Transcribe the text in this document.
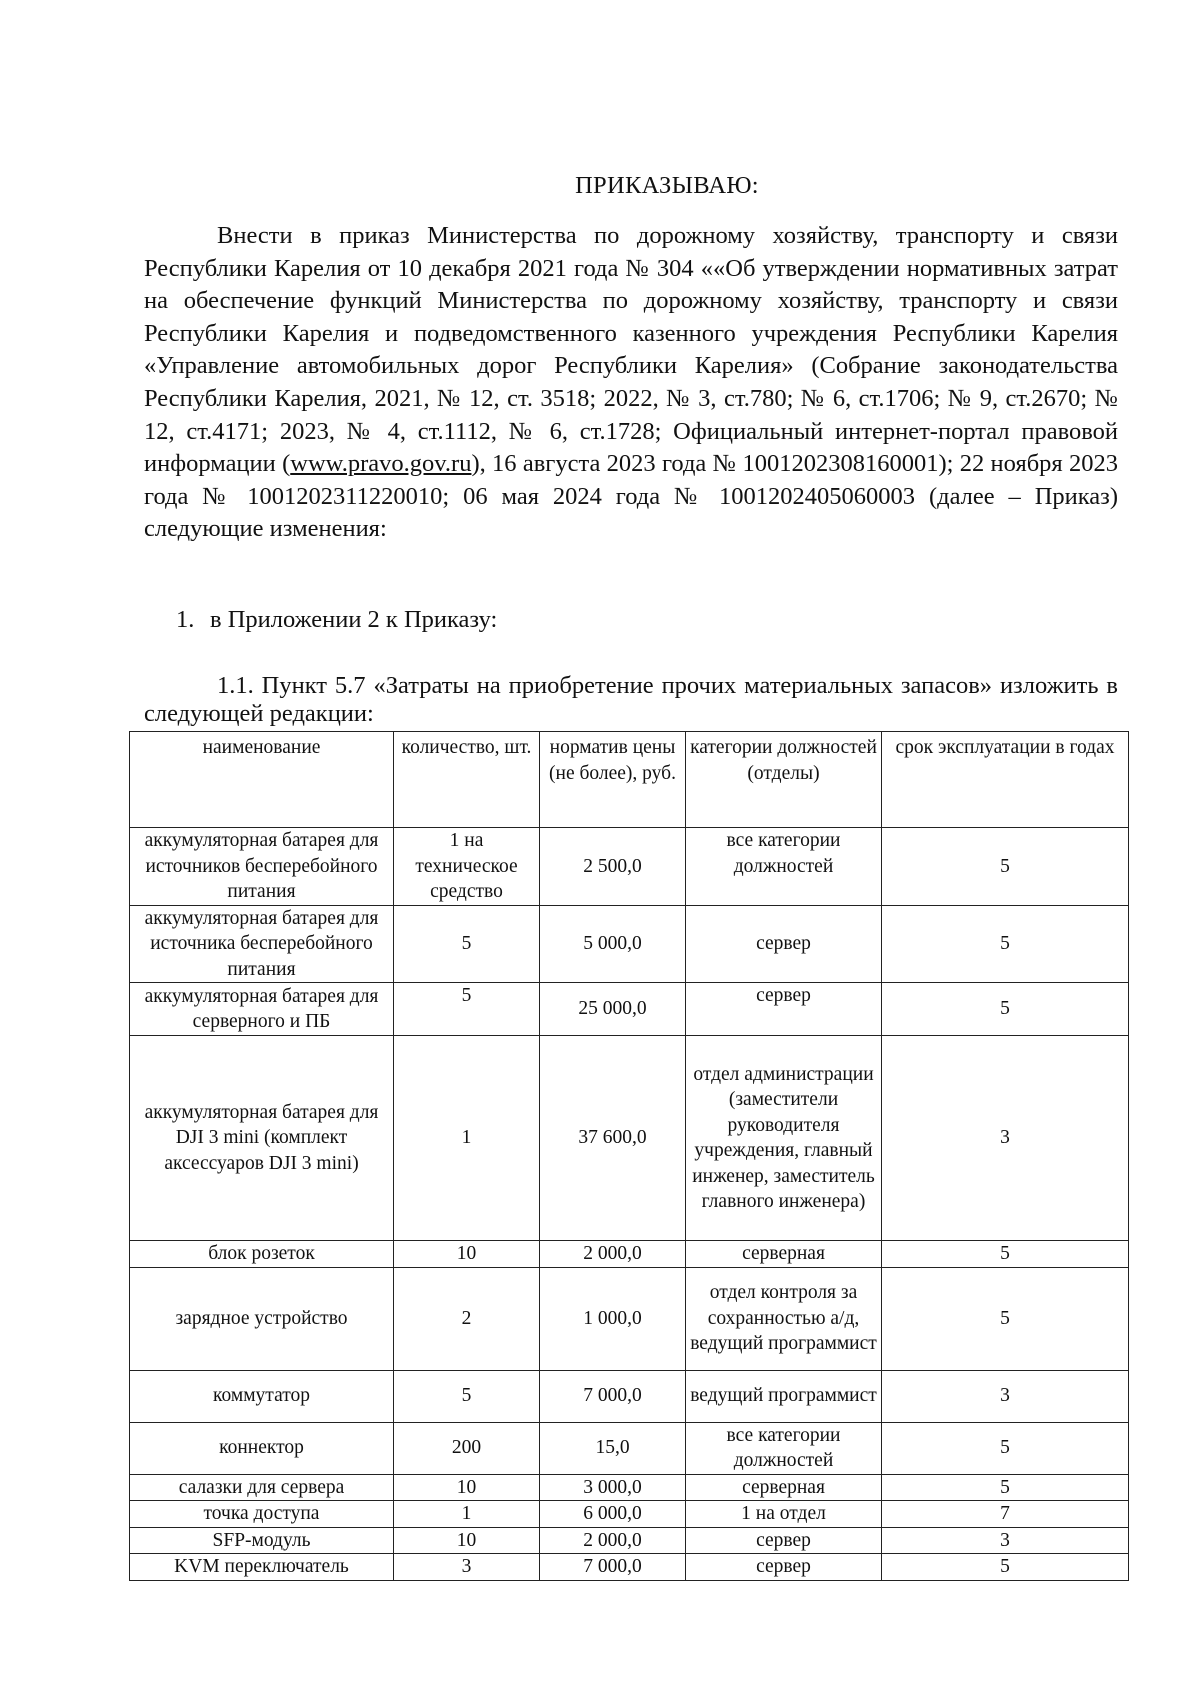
ПРИКАЗЫВАЮ:

Внести в приказ Министерства по дорожному хозяйству, транспорту и связи Республики Карелия от 10 декабря 2021 года № 304 ««Об утверждении нормативных затрат на обеспечение функций Министерства по дорожному хозяйству, транспорту и связи Республики Карелия и подведомственного казенного учреждения Республики Карелия «Управление автомобильных дорог Республики Карелия» (Собрание законодательства Республики Карелия, 2021, № 12, ст. 3518; 2022, № 3, ст.780; № 6, ст.1706; № 9, ст.2670; № 12, ст.4171; 2023, № 4, ст.1112, № 6, ст.1728; Официальный интернет-портал правовой информации (www.pravo.gov.ru), 16 августа 2023 года № 1001202308160001); 22 ноября 2023 года № 1001202311220010; 06 мая 2024 года № 1001202405060003 (далее – Приказ) следующие изменения:

1. в Приложении 2 к Приказу:

1.1. Пункт 5.7 «Затраты на приобретение прочих материальных запасов» изложить в следующей редакции:

наименование	количество, шт.	норматив цены (не более), руб.	категории должностей (отделы)	срок эксплуатации в годах
аккумуляторная батарея для источников бесперебойного питания	1 на техническое средство	2 500,0	все категории должностей	5
аккумуляторная батарея для источника бесперебойного питания	5	5 000,0	сервер	5
аккумуляторная батарея для серверного и ПБ	5	25 000,0	сервер	5
аккумуляторная батарея для DJI 3 mini (комплект аксессуаров DJI 3 mini)	1	37 600,0	отдел администрации (заместители руководителя учреждения, главный инженер, заместитель главного инженера)	3
блок розеток	10	2 000,0	серверная	5
зарядное устройство	2	1 000,0	отдел контроля за сохранностью а/д, ведущий программист	5
коммутатор	5	7 000,0	ведущий программист	3
коннектор	200	15,0	все категории должностей	5
салазки для сервера	10	3 000,0	серверная	5
точка доступа	1	6 000,0	1 на отдел	7
SFP-модуль	10	2 000,0	сервер	3
KVM переключатель	3	7 000,0	сервер	5
